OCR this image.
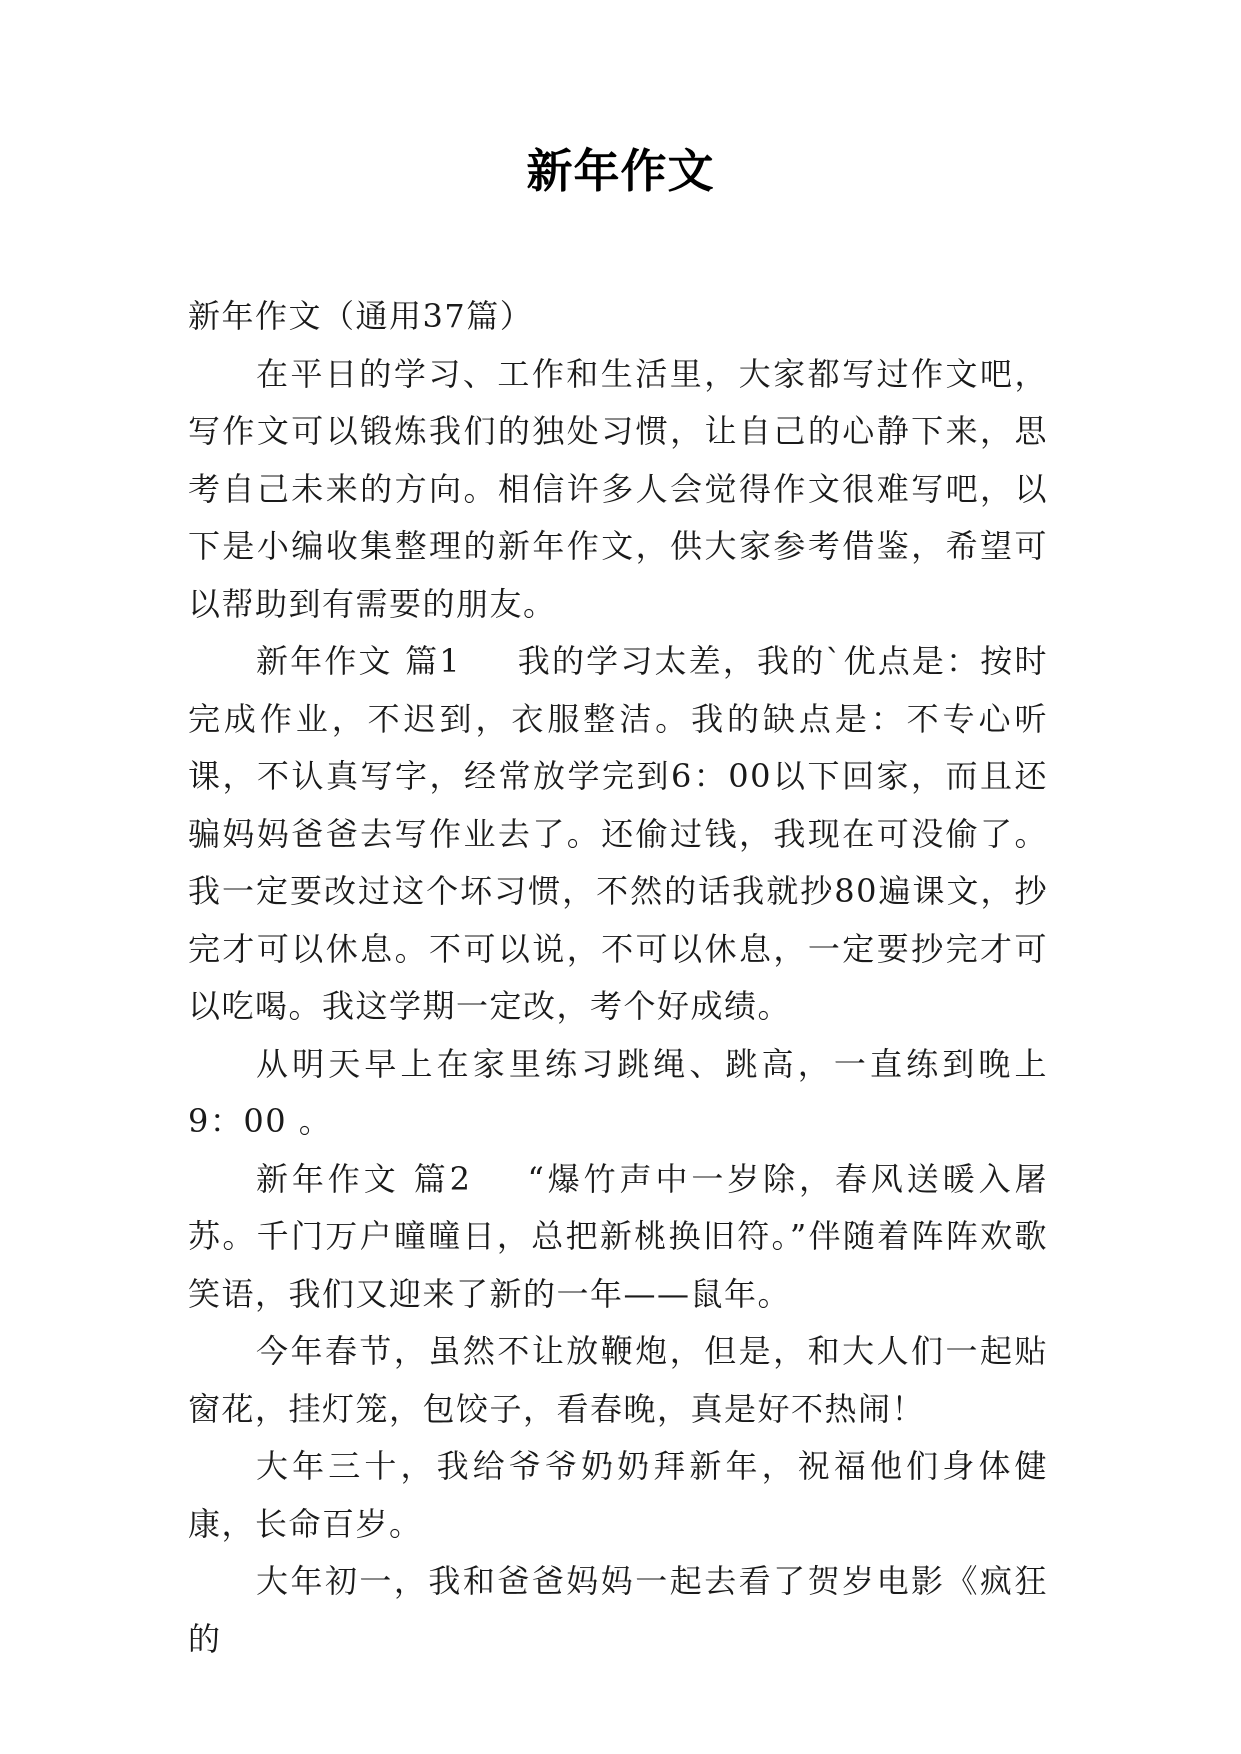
新年作文

新年作文（通用37篇）

在平日的学习、工作和生活里，大家都写过作文吧，写作文可以锻炼我们的独处习惯，让自己的心静下来，思考自己未来的方向。相信许多人会觉得作文很难写吧，以下是小编收集整理的新年作文，供大家参考借鉴，希望可以帮助到有需要的朋友。

新年作文 篇1 我的学习太差，我的`优点是：按时完成作业，不迟到，衣服整洁。我的缺点是：不专心听课，不认真写字，经常放学完到6：00以下回家，而且还骗妈妈爸爸去写作业去了。还偷过钱，我现在可没偷了。我一定要改过这个坏习惯，不然的话我就抄80遍课文，抄完才可以休息。不可以说，不可以休息，一定要抄完才可以吃喝。我这学期一定改，考个好成绩。

从明天早上在家里练习跳绳、跳高，一直练到晚上9：00 。

新年作文 篇2 “爆竹声中一岁除，春风送暖入屠苏。千门万户曈曈日，总把新桃换旧符。”伴随着阵阵欢歌笑语，我们又迎来了新的一年——鼠年。

今年春节，虽然不让放鞭炮，但是，和大人们一起贴窗花，挂灯笼，包饺子，看春晚，真是好不热闹！

大年三十，我给爷爷奶奶拜新年，祝福他们身体健康，长命百岁。

大年初一，我和爸爸妈妈一起去看了贺岁电影《疯狂的
